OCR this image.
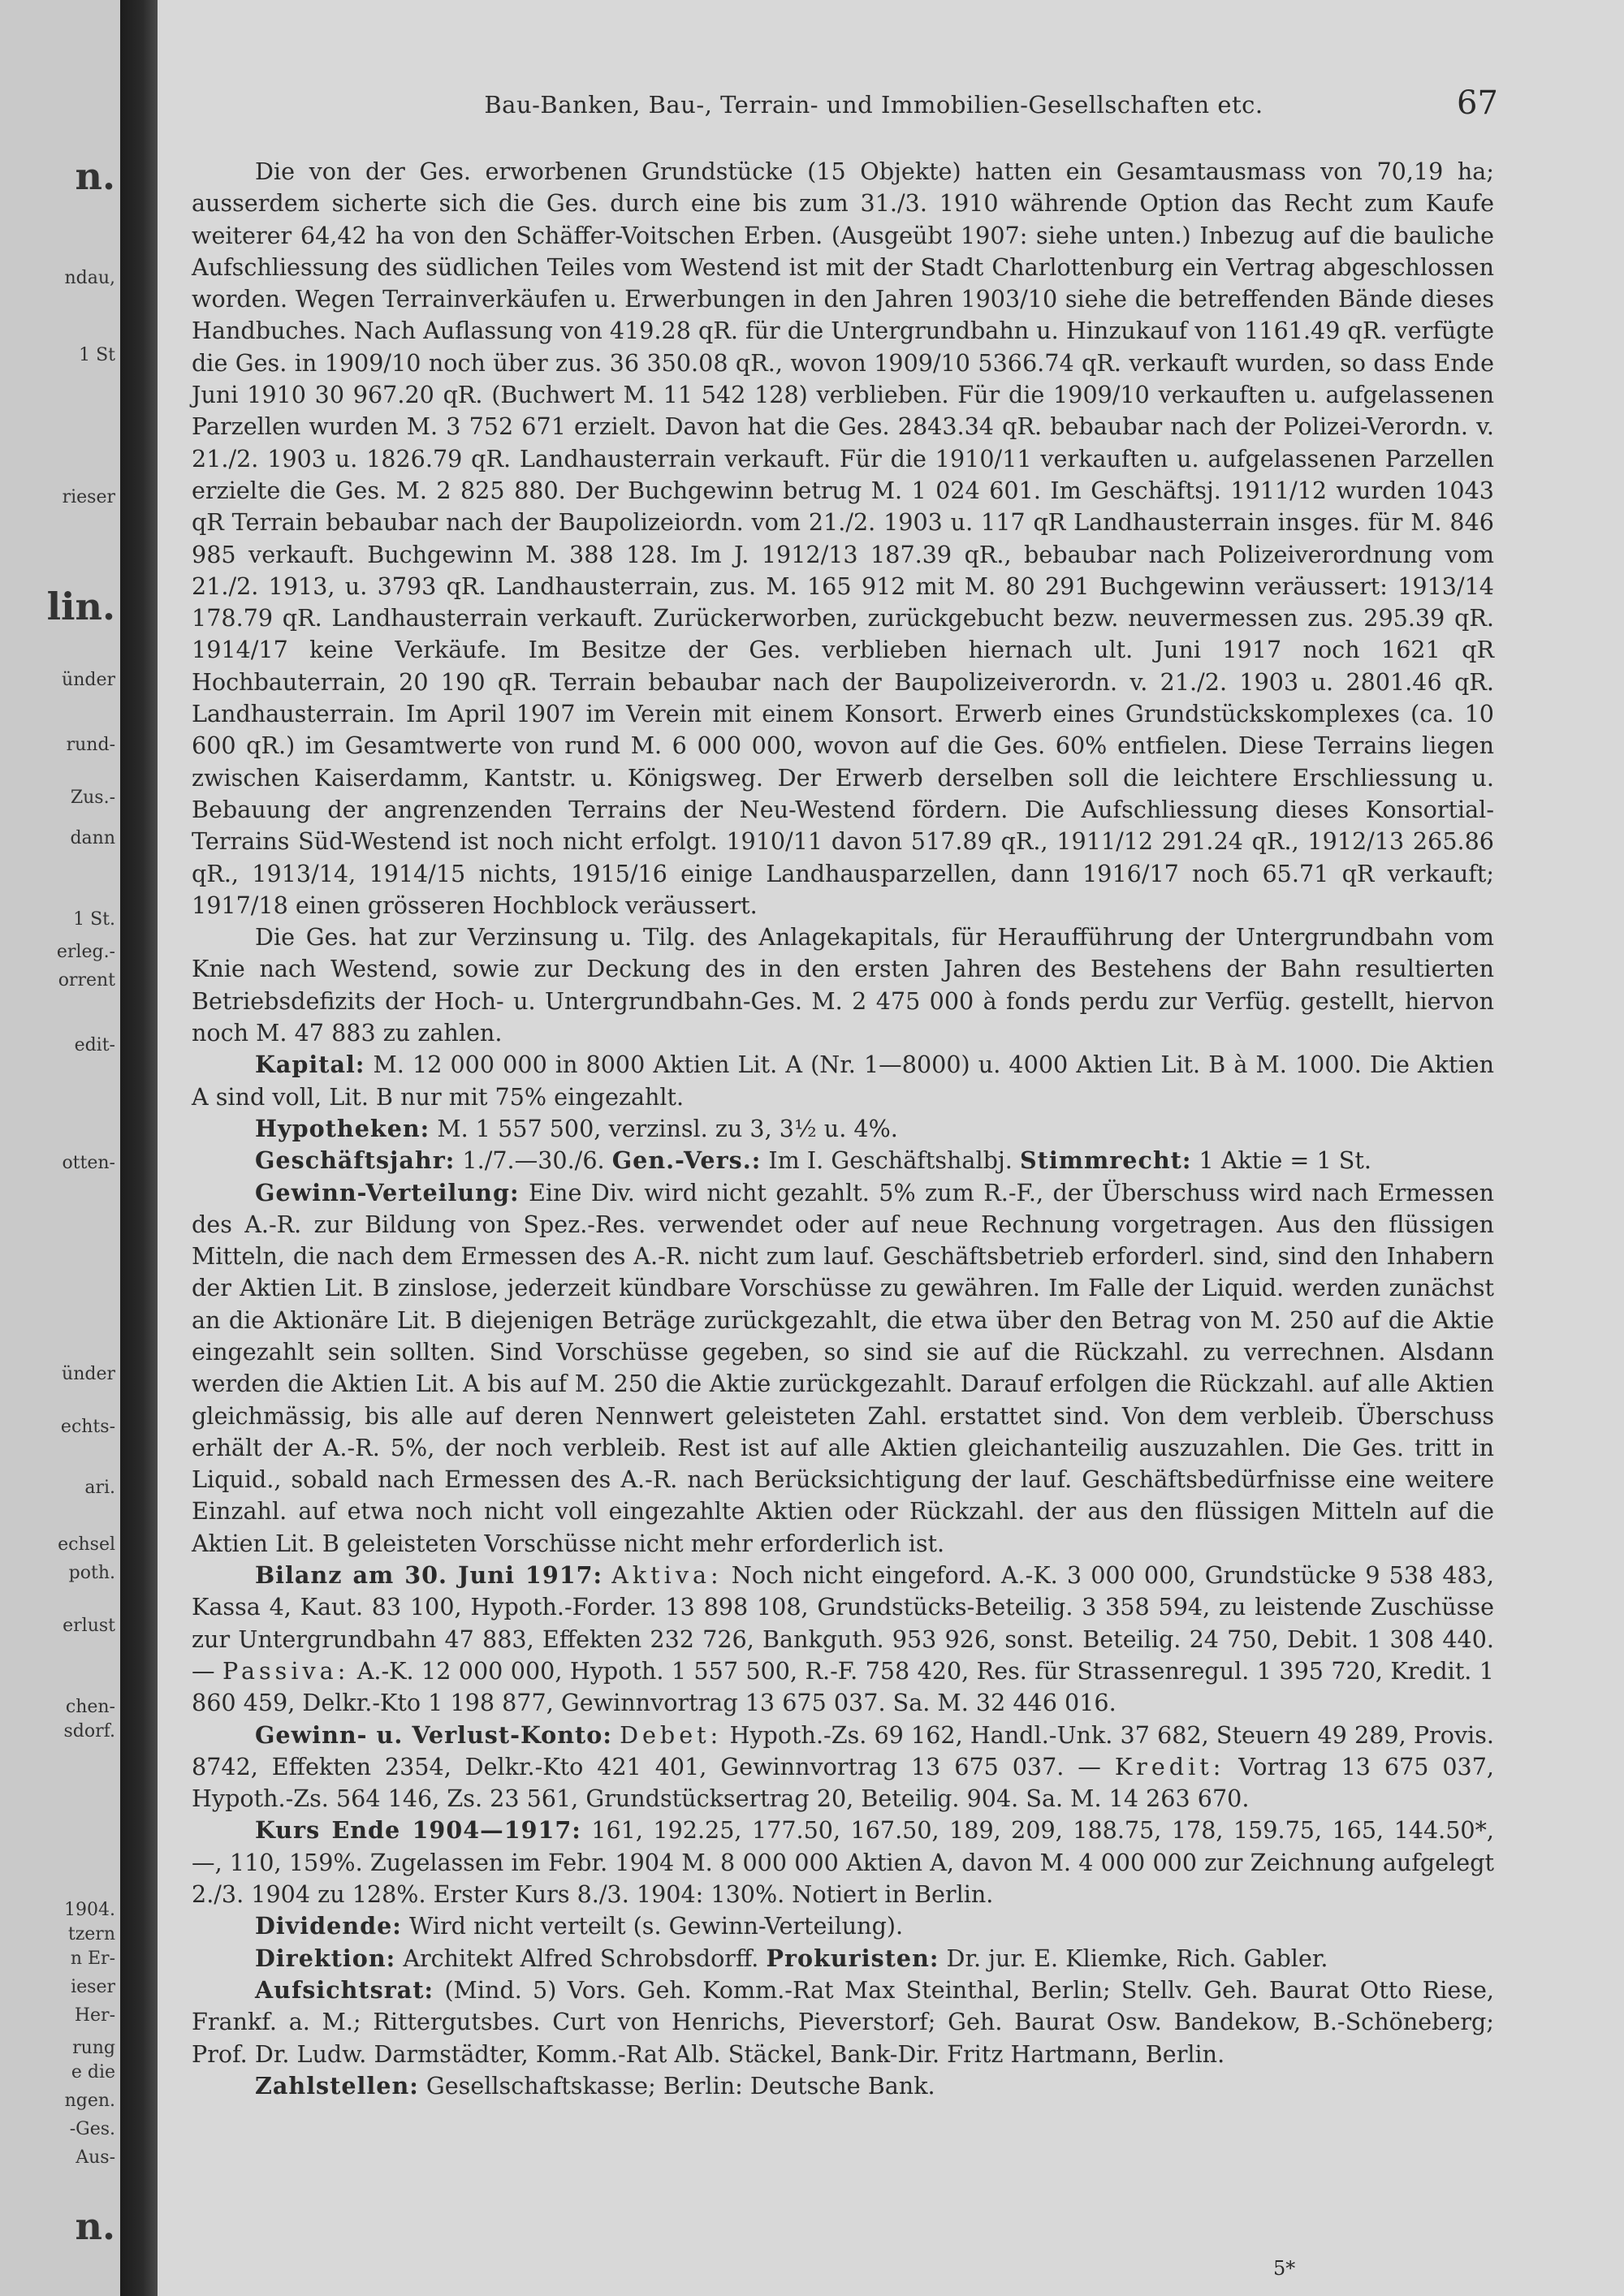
n.
ndau,
1 St
rieser
lin.
ünder
rund-
Zus.-
dann
1 St.
erleg.-
orrent
edit-
otten-
ünder
echts-
ari.
echsel
poth.
erlust
chen-
sdorf.
1904.
tzern
n Er-
ieser
Her-
rung
e die
ngen.
-Ges.
Aus-
n.
Bau-Banken, Bau-, Terrain- und Immobilien-Gesellschaften etc.	67

Die von der Ges. erworbenen Grundstücke (15 Objekte) hatten ein Gesamtausmass von 70,19 ha; ausserdem sicherte sich die Ges. durch eine bis zum 31./3. 1910 währende Option das Recht zum Kaufe weiterer 64,42 ha von den Schäffer-Voitschen Erben. (Ausgeübt 1907: siehe unten.) Inbezug auf die bauliche Aufschliessung des südlichen Teiles vom Westend ist mit der Stadt Charlottenburg ein Vertrag abgeschlossen worden. Wegen Terrainverkäufen u. Erwerbungen in den Jahren 1903/10 siehe die betreffenden Bände dieses Handbuches. Nach Auflassung von 419.28 qR. für die Untergrundbahn u. Hinzukauf von 1161.49 qR. verfügte die Ges. in 1909/10 noch über zus. 36 350.08 qR., wovon 1909/10 5366.74 qR. verkauft wurden, so dass Ende Juni 1910 30 967.20 qR. (Buchwert M. 11 542 128) verblieben. Für die 1909/10 verkauften u. aufgelassenen Parzellen wurden M. 3 752 671 erzielt. Davon hat die Ges. 2843.34 qR. bebaubar nach der Polizei-Verordn. v. 21./2. 1903 u. 1826.79 qR. Landhausterrain verkauft. Für die 1910/11 verkauften u. aufgelassenen Parzellen erzielte die Ges. M. 2 825 880. Der Buchgewinn betrug M. 1 024 601. Im Geschäftsj. 1911/12 wurden 1043 qR Terrain bebaubar nach der Baupolizeiordn. vom 21./2. 1903 u. 117 qR Landhausterrain insges. für M. 846 985 verkauft. Buchgewinn M. 388 128. Im J. 1912/13 187.39 qR., bebaubar nach Polizeiverordnung vom 21./2. 1913, u. 3793 qR. Landhausterrain, zus. M. 165 912 mit M. 80 291 Buchgewinn veräussert: 1913/14 178.79 qR. Landhausterrain verkauft. Zurückerworben, zurückgebucht bezw. neuvermessen zus. 295.39 qR. 1914/17 keine Verkäufe. Im Besitze der Ges. verblieben hiernach ult. Juni 1917 noch 1621 qR Hochbauterrain, 20 190 qR. Terrain bebaubar nach der Baupolizeiverordn. v. 21./2. 1903 u. 2801.46 qR. Landhausterrain. Im April 1907 im Verein mit einem Konsort. Erwerb eines Grundstückskomplexes (ca. 10 600 qR.) im Gesamtwerte von rund M. 6 000 000, wovon auf die Ges. 60% entfielen. Diese Terrains liegen zwischen Kaiserdamm, Kantstr. u. Königsweg. Der Erwerb derselben soll die leichtere Erschliessung u. Bebauung der angrenzenden Terrains der Neu-Westend fördern. Die Aufschliessung dieses Konsortial-Terrains Süd-Westend ist noch nicht erfolgt. 1910/11 davon 517.89 qR., 1911/12 291.24 qR., 1912/13 265.86 qR., 1913/14, 1914/15 nichts, 1915/16 einige Landhausparzellen, dann 1916/17 noch 65.71 qR verkauft; 1917/18 einen grösseren Hochblock veräussert.

Die Ges. hat zur Verzinsung u. Tilg. des Anlagekapitals, für Heraufführung der Untergrundbahn vom Knie nach Westend, sowie zur Deckung des in den ersten Jahren des Bestehens der Bahn resultierten Betriebsdefizits der Hoch- u. Untergrundbahn-Ges. M. 2 475 000 à fonds perdu zur Verfüg. gestellt, hiervon noch M. 47 883 zu zahlen.

Kapital: M. 12 000 000 in 8000 Aktien Lit. A (Nr. 1—8000) u. 4000 Aktien Lit. B à M. 1000. Die Aktien A sind voll, Lit. B nur mit 75% eingezahlt.

Hypotheken: M. 1 557 500, verzinsl. zu 3, 3½ u. 4%.

Geschäftsjahr: 1./7.—30./6. Gen.-Vers.: Im I. Geschäftshalbj. Stimmrecht: 1 Aktie = 1 St.

Gewinn-Verteilung: Eine Div. wird nicht gezahlt. 5% zum R.-F., der Überschuss wird nach Ermessen des A.-R. zur Bildung von Spez.-Res. verwendet oder auf neue Rechnung vorgetragen. Aus den flüssigen Mitteln, die nach dem Ermessen des A.-R. nicht zum lauf. Geschäftsbetrieb erforderl. sind, sind den Inhabern der Aktien Lit. B zinslose, jederzeit kündbare Vorschüsse zu gewähren. Im Falle der Liquid. werden zunächst an die Aktionäre Lit. B diejenigen Beträge zurückgezahlt, die etwa über den Betrag von M. 250 auf die Aktie eingezahlt sein sollten. Sind Vorschüsse gegeben, so sind sie auf die Rückzahl. zu verrechnen. Alsdann werden die Aktien Lit. A bis auf M. 250 die Aktie zurückgezahlt. Darauf erfolgen die Rückzahl. auf alle Aktien gleichmässig, bis alle auf deren Nennwert geleisteten Zahl. erstattet sind. Von dem verbleib. Überschuss erhält der A.-R. 5%, der noch verbleib. Rest ist auf alle Aktien gleichanteilig auszuzahlen. Die Ges. tritt in Liquid., sobald nach Ermessen des A.-R. nach Berücksichtigung der lauf. Geschäftsbedürfnisse eine weitere Einzahl. auf etwa noch nicht voll eingezahlte Aktien oder Rückzahl. der aus den flüssigen Mitteln auf die Aktien Lit. B geleisteten Vorschüsse nicht mehr erforderlich ist.

Bilanz am 30. Juni 1917: Aktiva: Noch nicht eingeford. A.-K. 3 000 000, Grundstücke 9 538 483, Kassa 4, Kaut. 83 100, Hypoth.-Forder. 13 898 108, Grundstücks-Beteilig. 3 358 594, zu leistende Zuschüsse zur Untergrundbahn 47 883, Effekten 232 726, Bankguth. 953 926, sonst. Beteilig. 24 750, Debit. 1 308 440. — Passiva: A.-K. 12 000 000, Hypoth. 1 557 500, R.-F. 758 420, Res. für Strassenregul. 1 395 720, Kredit. 1 860 459, Delkr.-Kto 1 198 877, Gewinnvortrag 13 675 037. Sa. M. 32 446 016.

Gewinn- u. Verlust-Konto: Debet: Hypoth.-Zs. 69 162, Handl.-Unk. 37 682, Steuern 49 289, Provis. 8742, Effekten 2354, Delkr.-Kto 421 401, Gewinnvortrag 13 675 037. — Kredit: Vortrag 13 675 037, Hypoth.-Zs. 564 146, Zs. 23 561, Grundstücksertrag 20, Beteilig. 904. Sa. M. 14 263 670.

Kurs Ende 1904—1917: 161, 192.25, 177.50, 167.50, 189, 209, 188.75, 178, 159.75, 165, 144.50*, —, 110, 159%. Zugelassen im Febr. 1904 M. 8 000 000 Aktien A, davon M. 4 000 000 zur Zeichnung aufgelegt 2./3. 1904 zu 128%. Erster Kurs 8./3. 1904: 130%. Notiert in Berlin.

Dividende: Wird nicht verteilt (s. Gewinn-Verteilung).

Direktion: Architekt Alfred Schrobsdorff. Prokuristen: Dr. jur. E. Kliemke, Rich. Gabler.

Aufsichtsrat: (Mind. 5) Vors. Geh. Komm.-Rat Max Steinthal, Berlin; Stellv. Geh. Baurat Otto Riese, Frankf. a. M.; Rittergutsbes. Curt von Henrichs, Pieverstorf; Geh. Baurat Osw. Bandekow, B.-Schöneberg; Prof. Dr. Ludw. Darmstädter, Komm.-Rat Alb. Stäckel, Bank-Dir. Fritz Hartmann, Berlin.

Zahlstellen: Gesellschaftskasse; Berlin: Deutsche Bank.

5*
